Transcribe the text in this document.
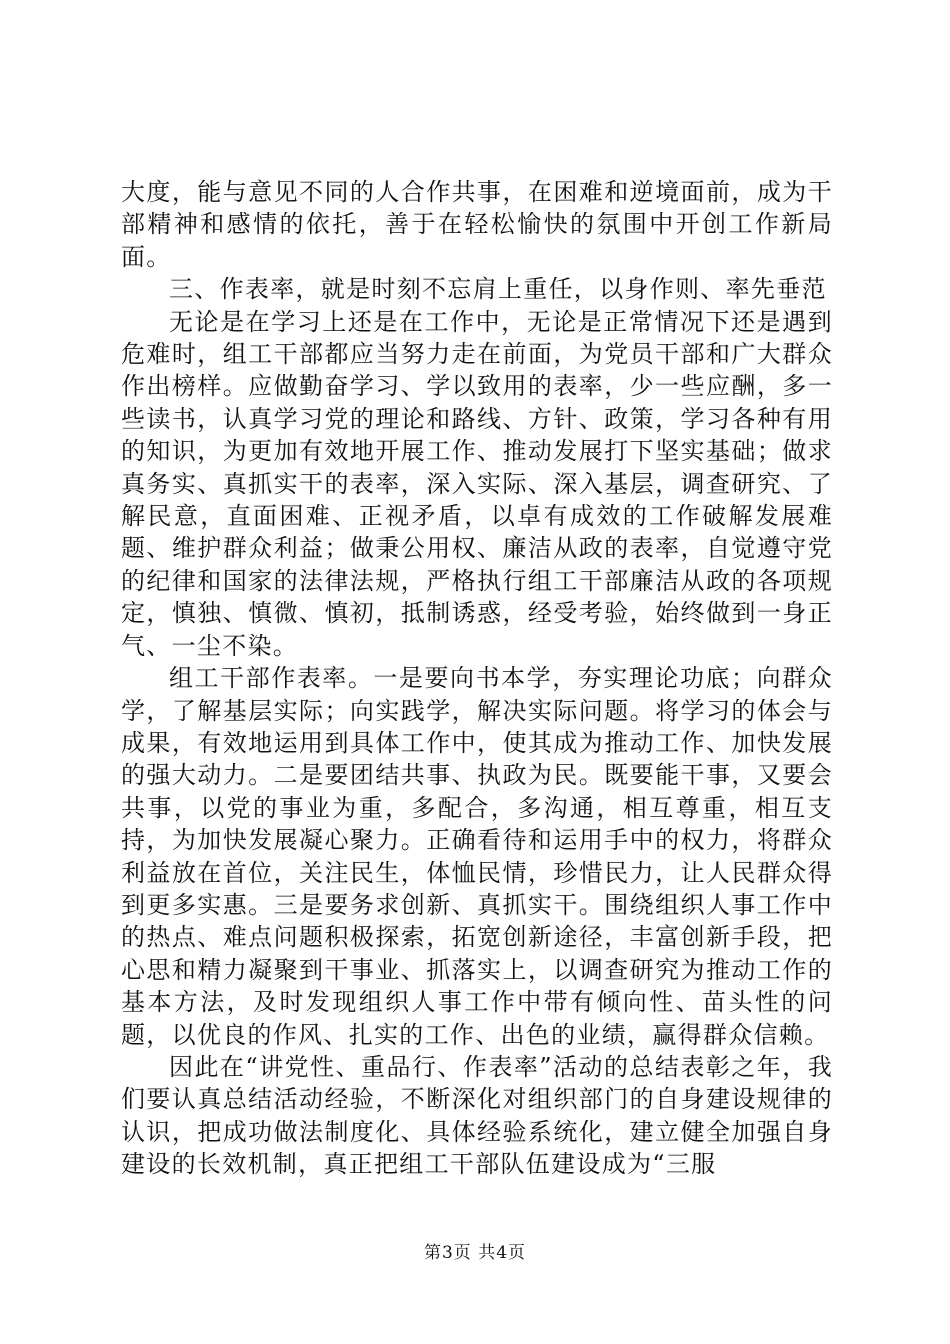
大度，能与意见不同的人合作共事，在困难和逆境面前，成为干部精神和感情的依托，善于在轻松愉快的氛围中开创工作新局面。

三、作表率，就是时刻不忘肩上重任，以身作则、率先垂范

无论是在学习上还是在工作中，无论是正常情况下还是遇到危难时，组工干部都应当努力走在前面，为党员干部和广大群众作出榜样。应做勤奋学习、学以致用的表率，少一些应酬，多一些读书，认真学习党的理论和路线、方针、政策，学习各种有用的知识，为更加有效地开展工作、推动发展打下坚实基础；做求真务实、真抓实干的表率，深入实际、深入基层，调查研究、了解民意，直面困难、正视矛盾，以卓有成效的工作破解发展难题、维护群众利益；做秉公用权、廉洁从政的表率，自觉遵守党的纪律和国家的法律法规，严格执行组工干部廉洁从政的各项规定，慎独、慎微、慎初，抵制诱惑，经受考验，始终做到一身正气、一尘不染。

组工干部作表率。一是要向书本学，夯实理论功底；向群众学，了解基层实际；向实践学，解决实际问题。将学习的体会与成果，有效地运用到具体工作中，使其成为推动工作、加快发展的强大动力。二是要团结共事、执政为民。既要能干事，又要会共事，以党的事业为重，多配合，多沟通，相互尊重，相互支持，为加快发展凝心聚力。正确看待和运用手中的权力，将群众利益放在首位，关注民生，体恤民情，珍惜民力，让人民群众得到更多实惠。三是要务求创新、真抓实干。围绕组织人事工作中的热点、难点问题积极探索，拓宽创新途径，丰富创新手段，把心思和精力凝聚到干事业、抓落实上，以调查研究为推动工作的基本方法，及时发现组织人事工作中带有倾向性、苗头性的问题，以优良的作风、扎实的工作、出色的业绩，赢得群众信赖。

因此在“讲党性、重品行、作表率”活动的总结表彰之年，我们要认真总结活动经验，不断深化对组织部门的自身建设规律的认识，把成功做法制度化、具体经验系统化，建立健全加强自身建设的长效机制，真正把组工干部队伍建设成为“三服

第3页 共4页
